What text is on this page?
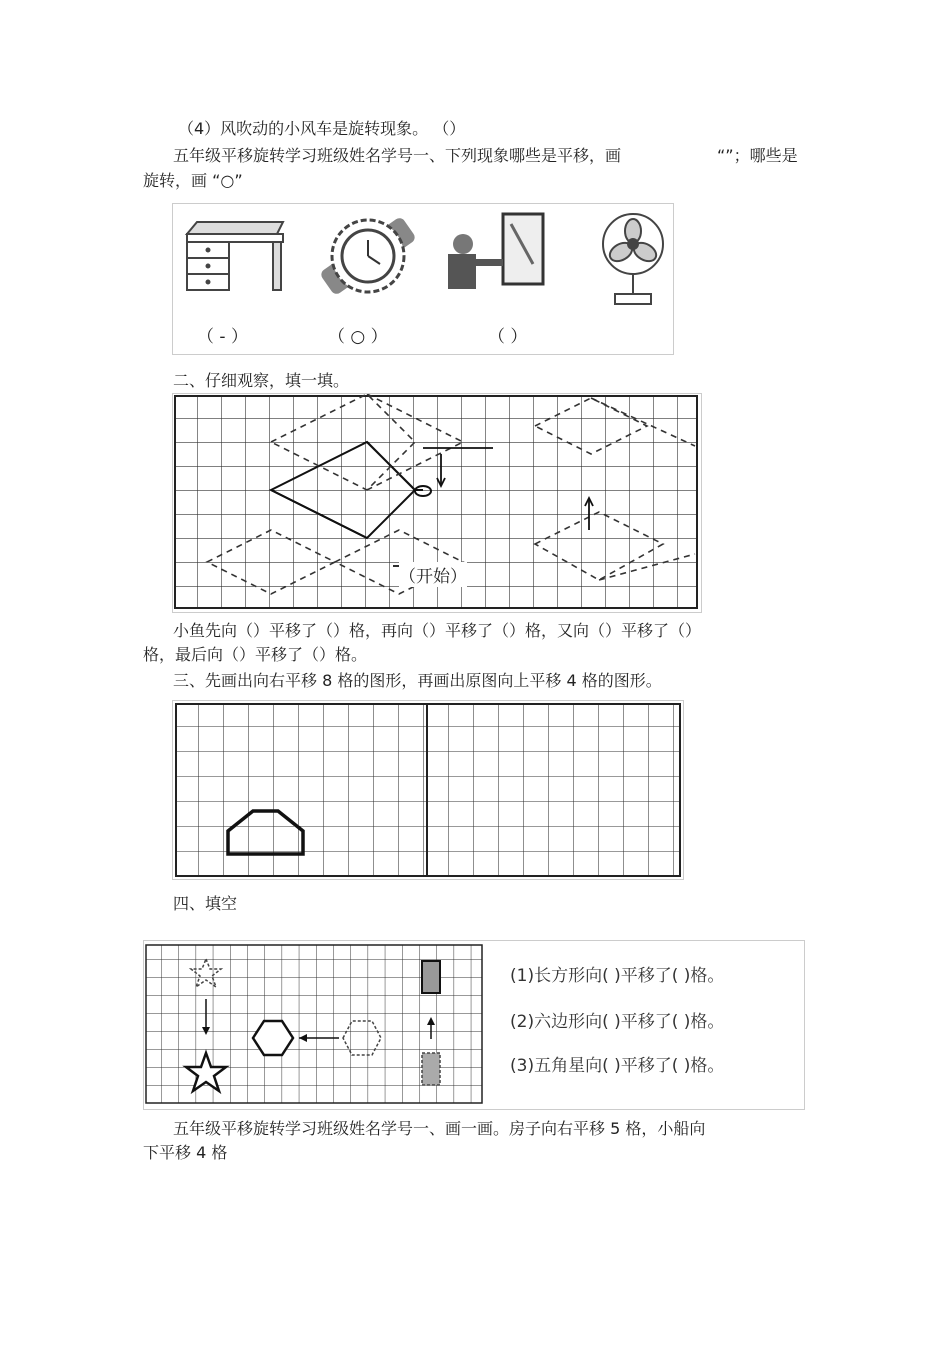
（4）风吹动的小风车是旋转现象。 （）
五年级平移旋转学习班级姓名学号一、下列现象哪些是平移，画	“”；哪些是
旋转，画 “○”
（ - ）	（ ○ ）	（ ）
二、仔细观察，填一填。
（开始）
小鱼先向（）平移了（）格，再向（）平移了（）格，又向（）平移了（）
格，最后向（）平移了（）格。
三、先画出向右平移 8 格的图形，再画出原图向上平移 4 格的图形。
四、填空
(1)长方形向( )平移了( )格。
(2)六边形向( )平移了( )格。
(3)五角星向( )平移了( )格。
五年级平移旋转学习班级姓名学号一、画一画。房子向右平移 5 格，小船向
下平移 4 格
